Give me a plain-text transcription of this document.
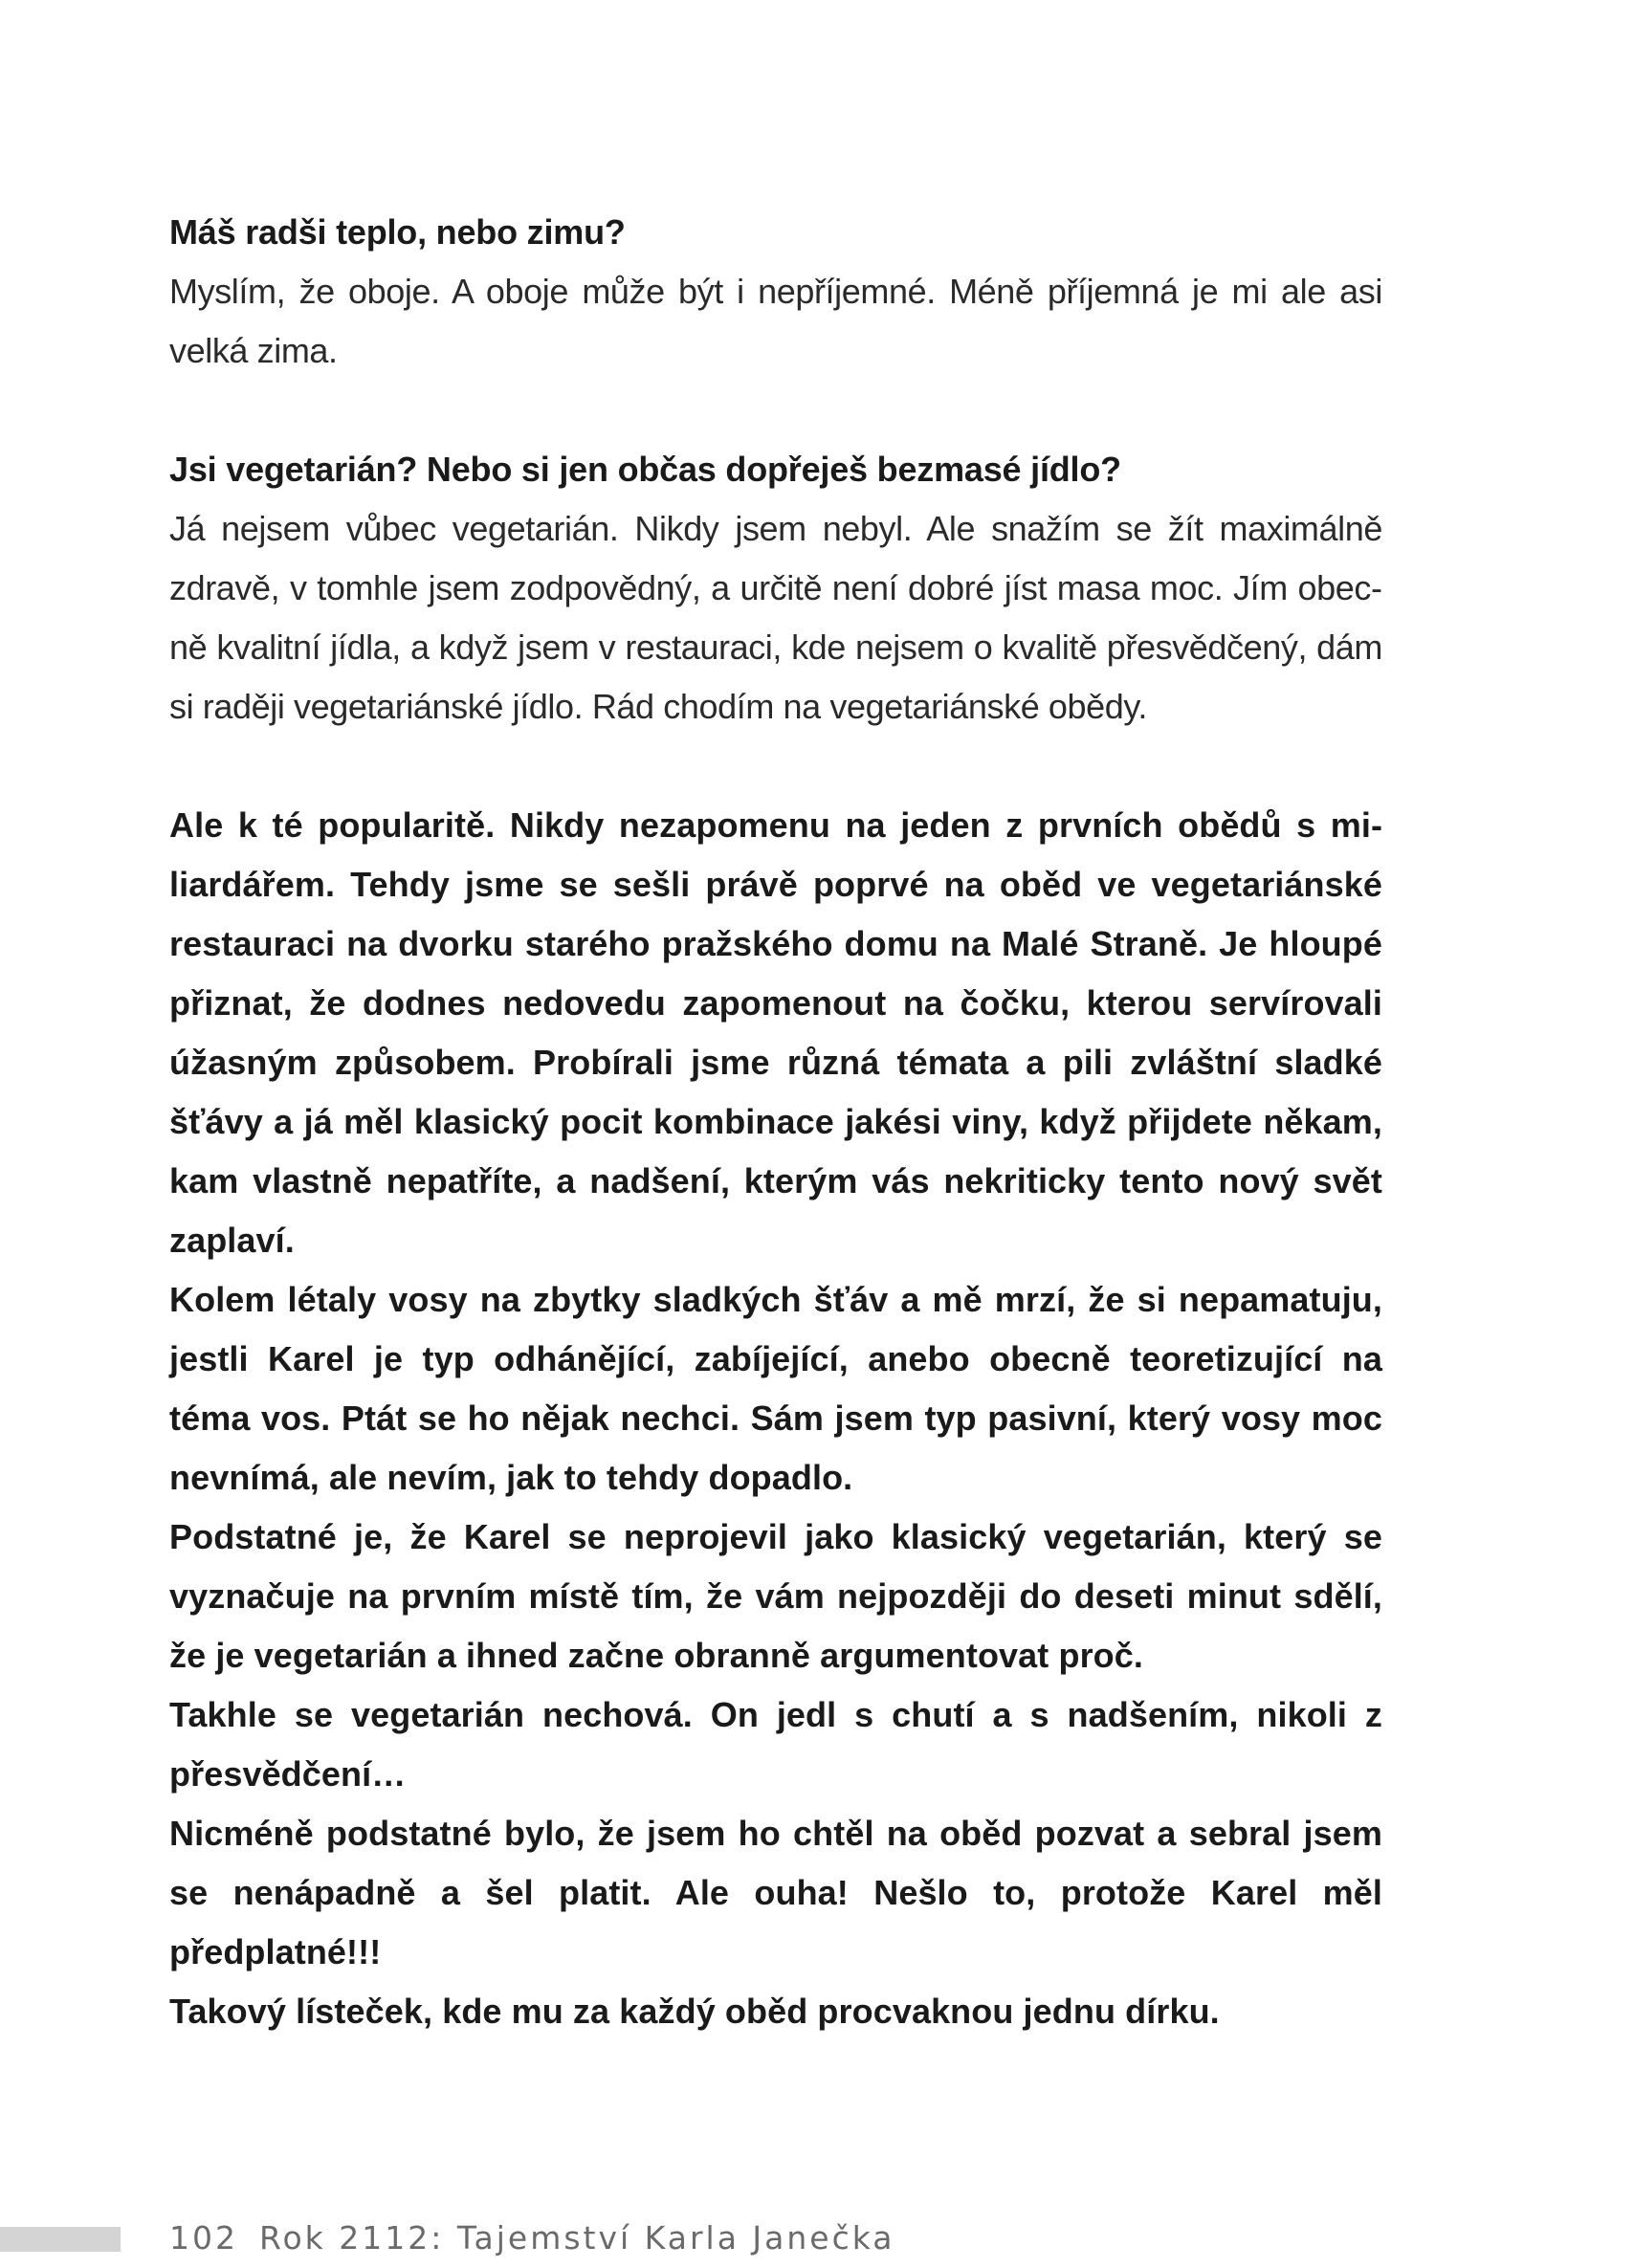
Máš radši teplo, nebo zimu?

Myslím, že oboje. A oboje může být i nepříjemné. Méně příjemná je mi ale asi velká zima.

Jsi vegetarián? Nebo si jen občas dopřeješ bezmasé jídlo?

Já nejsem vůbec vegetarián. Nikdy jsem nebyl. Ale snažím se žít maximálně zdravě, v tomhle jsem zodpovědný, a určitě není dobré jíst masa moc. Jím obecně kvalitní jídla, a když jsem v restauraci, kde nejsem o kvalitě přesvědčený, dám si raději vegetariánské jídlo. Rád chodím na vegetariánské obědy.

Ale k té popularitě. Nikdy nezapomenu na jeden z prvních obědů s miliardářem. Tehdy jsme se sešli právě poprvé na oběd ve vegetariánské restauraci na dvorku starého pražského domu na Malé Straně. Je hloupé přiznat, že dodnes nedovedu zapomenout na čočku, kterou servírovali úžasným způsobem. Probírali jsme různá témata a pili zvláštní sladké šťávy a já měl klasický pocit kombinace jakési viny, když přijdete někam, kam vlastně nepatříte, a nadšení, kterým vás nekriticky tento nový svět zaplaví.

Kolem létaly vosy na zbytky sladkých šťáv a mě mrzí, že si nepamatuju, jestli Karel je typ odhánějící, zabíjející, anebo obecně teoretizující na téma vos. Ptát se ho nějak nechci. Sám jsem typ pasivní, který vosy moc nevnímá, ale nevím, jak to tehdy dopadlo.

Podstatné je, že Karel se neprojevil jako klasický vegetarián, který se vyznačuje na prvním místě tím, že vám nejpozději do deseti minut sdělí, že je vegetarián a ihned začne obranně argumentovat proč.

Takhle se vegetarián nechová. On jedl s chutí a s nadšením, nikoli z přesvědčení…

Nicméně podstatné bylo, že jsem ho chtěl na oběd pozvat a sebral jsem se nenápadně a šel platit. Ale ouha! Nešlo to, protože Karel měl předplatné!!!

Takový lísteček, kde mu za každý oběd procvaknou jednu dírku.

102 Rok 2112: Tajemství Karla Janečka
